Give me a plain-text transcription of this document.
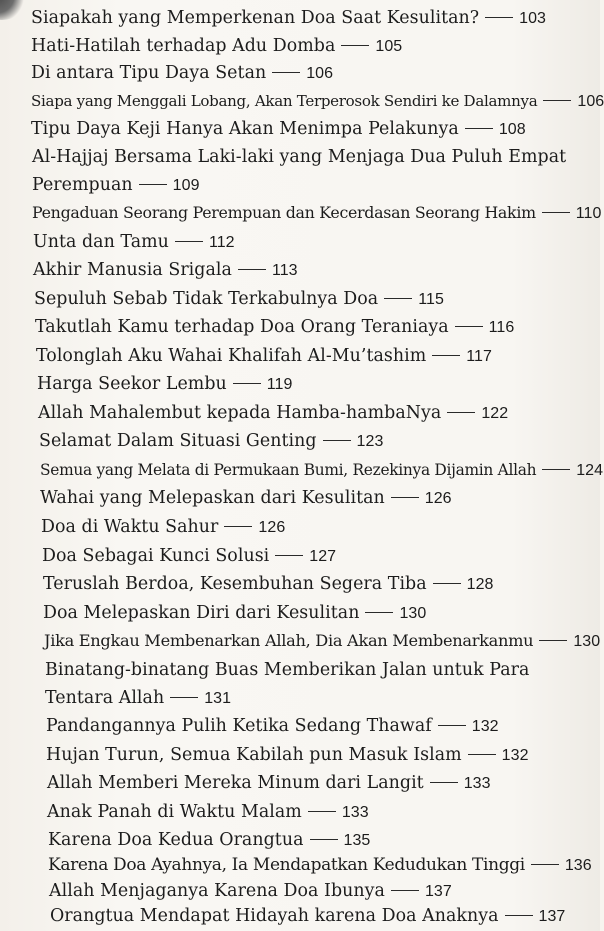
Siapakah yang Memperkenan Doa Saat Kesulitan?	103
Hati-Hatilah terhadap Adu Domba	105
Di antara Tipu Daya Setan	106
Siapa yang Menggali Lobang, Akan Terperosok Sendiri ke Dalamnya	106
Tipu Daya Keji Hanya Akan Menimpa Pelakunya	108
Al-Hajjaj Bersama Laki-laki yang Menjaga Dua Puluh Empat
Perempuan	109
Pengaduan Seorang Perempuan dan Kecerdasan Seorang Hakim	110
Unta dan Tamu	112
Akhir Manusia Srigala	113
Sepuluh Sebab Tidak Terkabulnya Doa	115
Takutlah Kamu terhadap Doa Orang Teraniaya	116
Tolonglah Aku Wahai Khalifah Al-Mu’tashim	117
Harga Seekor Lembu	119
Allah Mahalembut kepada Hamba-hambaNya	122
Selamat Dalam Situasi Genting	123
Semua yang Melata di Permukaan Bumi, Rezekinya Dijamin Allah	124
Wahai yang Melepaskan dari Kesulitan	126
Doa di Waktu Sahur	126
Doa Sebagai Kunci Solusi	127
Teruslah Berdoa, Kesembuhan Segera Tiba	128
Doa Melepaskan Diri dari Kesulitan	130
Jika Engkau Membenarkan Allah, Dia Akan Membenarkanmu	130
Binatang-binatang Buas Memberikan Jalan untuk Para
Tentara Allah	131
Pandangannya Pulih Ketika Sedang Thawaf	132
Hujan Turun, Semua Kabilah pun Masuk Islam	132
Allah Memberi Mereka Minum dari Langit	133
Anak Panah di Waktu Malam	133
Karena Doa Kedua Orangtua	135
Karena Doa Ayahnya, Ia Mendapatkan Kedudukan Tinggi	136
Allah Menjaganya Karena Doa Ibunya	137
Orangtua Mendapat Hidayah karena Doa Anaknya	137
